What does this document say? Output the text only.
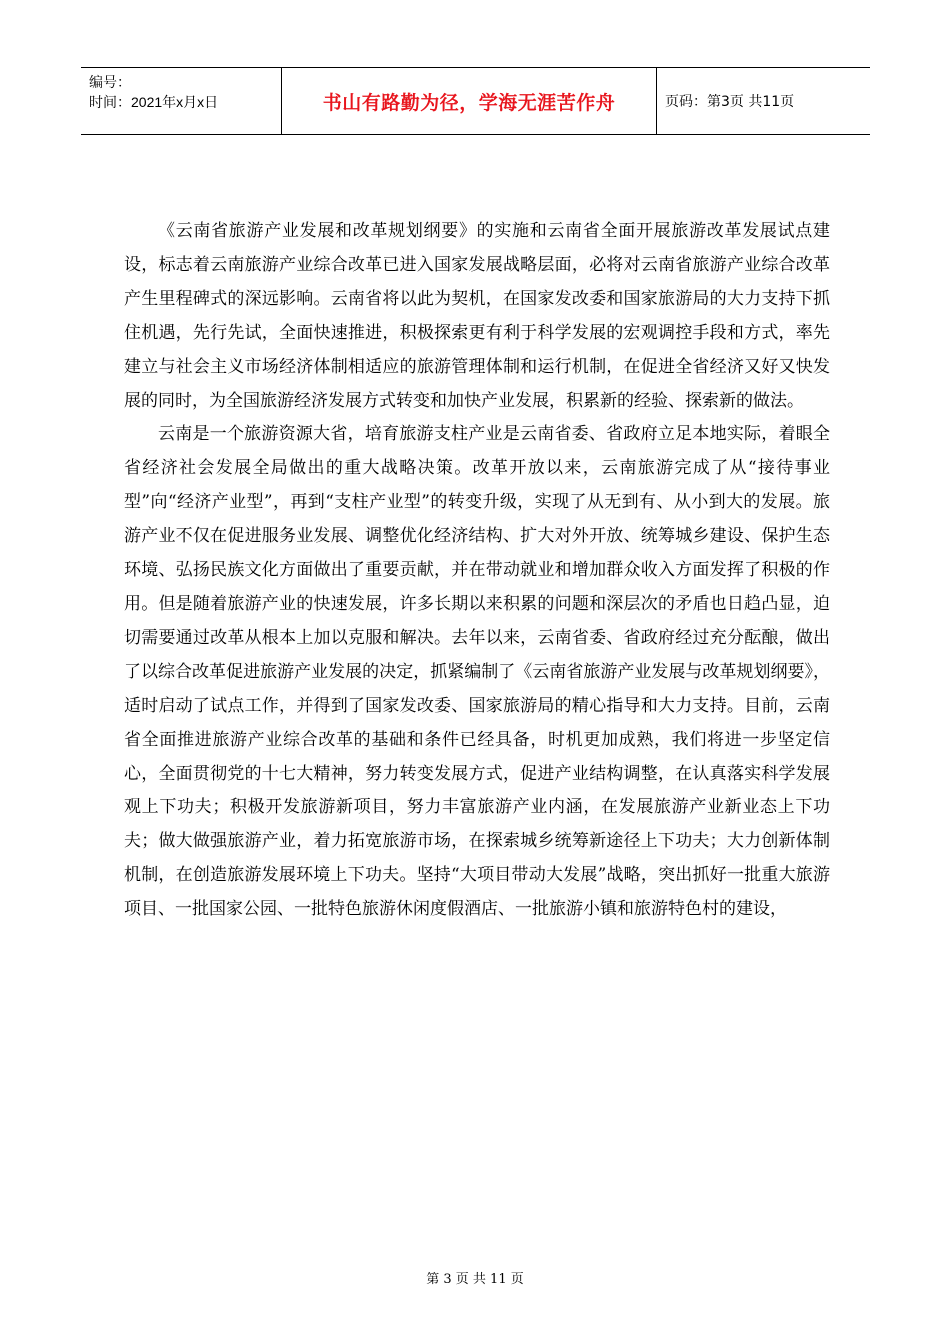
编号：
时间：2021年x月x日	书山有路勤为径，学海无涯苦作舟	页码：第3页 共11页

《云南省旅游产业发展和改革规划纲要》的实施和云南省全面开展旅游改革发展试点建设，标志着云南旅游产业综合改革已进入国家发展战略层面，必将对云南省旅游产业综合改革产生里程碑式的深远影响。云南省将以此为契机，在国家发改委和国家旅游局的大力支持下抓住机遇，先行先试，全面快速推进，积极探索更有利于科学发展的宏观调控手段和方式，率先建立与社会主义市场经济体制相适应的旅游管理体制和运行机制，在促进全省经济又好又快发展的同时，为全国旅游经济发展方式转变和加快产业发展，积累新的经验、探索新的做法。

云南是一个旅游资源大省，培育旅游支柱产业是云南省委、省政府立足本地实际，着眼全省经济社会发展全局做出的重大战略决策。改革开放以来，云南旅游完成了从“接待事业型”向“经济产业型”，再到“支柱产业型”的转变升级，实现了从无到有、从小到大的发展。旅游产业不仅在促进服务业发展、调整优化经济结构、扩大对外开放、统筹城乡建设、保护生态环境、弘扬民族文化方面做出了重要贡献，并在带动就业和增加群众收入方面发挥了积极的作用。但是随着旅游产业的快速发展，许多长期以来积累的问题和深层次的矛盾也日趋凸显，迫切需要通过改革从根本上加以克服和解决。去年以来，云南省委、省政府经过充分酝酿，做出了以综合改革促进旅游产业发展的决定，抓紧编制了《云南省旅游产业发展与改革规划纲要》，适时启动了试点工作，并得到了国家发改委、国家旅游局的精心指导和大力支持。目前，云南省全面推进旅游产业综合改革的基础和条件已经具备，时机更加成熟，我们将进一步坚定信心，全面贯彻党的十七大精神，努力转变发展方式，促进产业结构调整，在认真落实科学发展观上下功夫；积极开发旅游新项目，努力丰富旅游产业内涵，在发展旅游产业新业态上下功夫；做大做强旅游产业，着力拓宽旅游市场，在探索城乡统筹新途径上下功夫；大力创新体制机制，在创造旅游发展环境上下功夫。坚持“大项目带动大发展”战略，突出抓好一批重大旅游项目、一批国家公园、一批特色旅游休闲度假酒店、一批旅游小镇和旅游特色村的建设，

第 3 页 共 11 页
